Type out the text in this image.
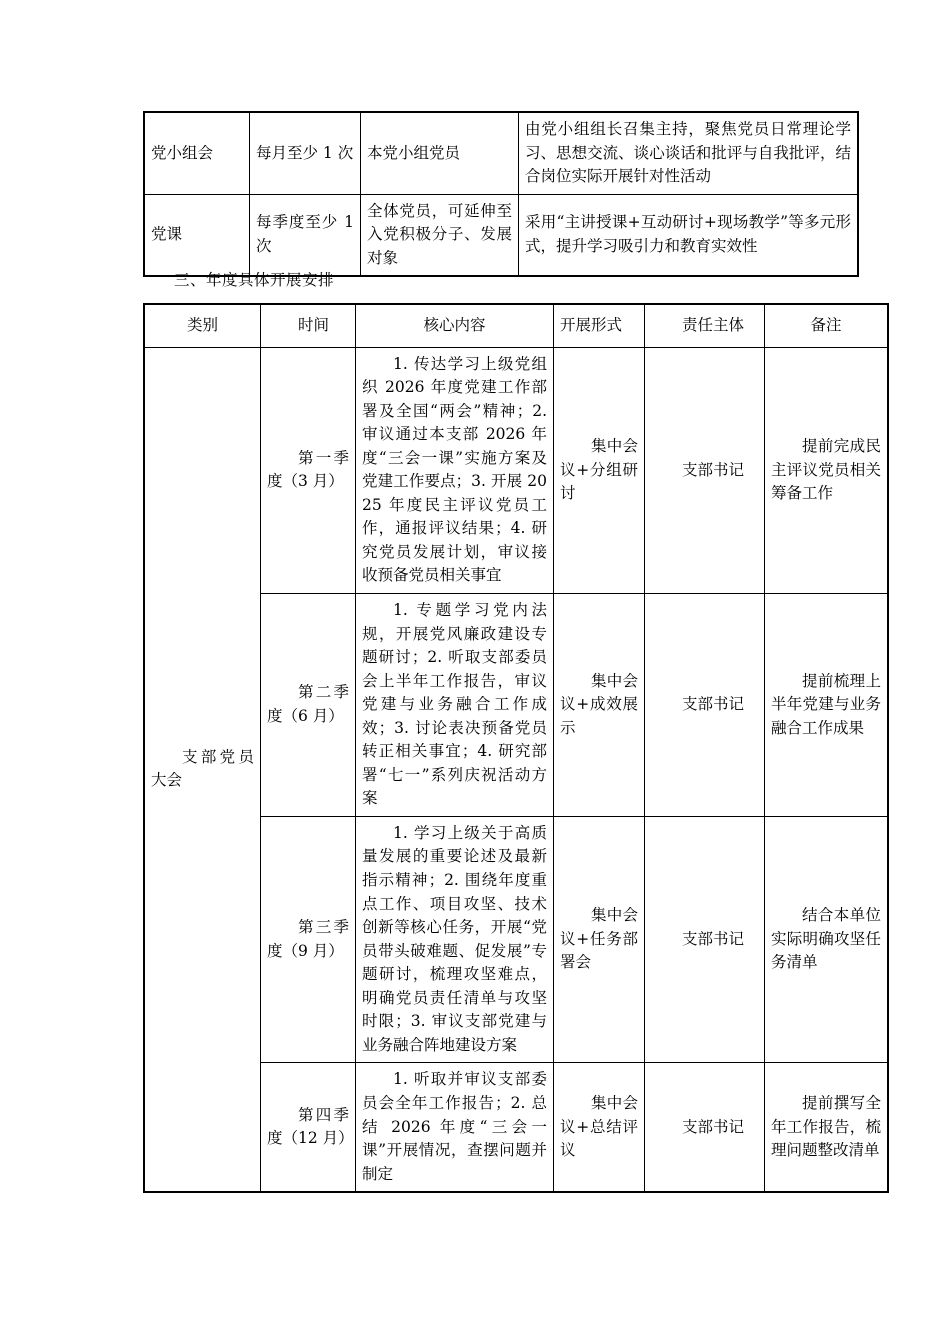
党小组会	每月至少 1 次	本党小组党员	由党小组组长召集主持，聚焦党员日常理论学习、思想交流、谈心谈话和批评与自我批评，结合岗位实际开展针对性活动

党课	每季度至少 1 次	全体党员，可延伸至入党积极分子、发展对象	采用“主讲授课+互动研讨+现场教学”等多元形式，提升学习吸引力和教育实效性

三、年度具体开展安排

类别	时间	核心内容	开展形式	责任主体	备注

支部党员大会	第一季度（3 月）	1. 传达学习上级党组织 2026 年度党建工作部署及全国“两会”精神；2. 审议通过本支部 2026 年度“三会一课”实施方案及党建工作要点；3. 开展 2025 年度民主评议党员工作，通报评议结果；4. 研究党员发展计划，审议接收预备党员相关事宜	集中会议+分组研讨	支部书记	提前完成民主评议党员相关筹备工作

	第二季度（6 月）	1. 专题学习党内法规，开展党风廉政建设专题研讨；2. 听取支部委员会上半年工作报告，审议党建与业务融合工作成效；3. 讨论表决预备党员转正相关事宜；4. 研究部署“七一”系列庆祝活动方案	集中会议+成效展示	支部书记	提前梳理上半年党建与业务融合工作成果

	第三季度（9 月）	1. 学习上级关于高质量发展的重要论述及最新指示精神；2. 围绕年度重点工作、项目攻坚、技术创新等核心任务，开展“党员带头破难题、促发展”专题研讨，梳理攻坚难点，明确党员责任清单与攻坚时限；3. 审议支部党建与业务融合阵地建设方案	集中会议+任务部署会	支部书记	结合本单位实际明确攻坚任务清单

	第四季度（12 月）	1. 听取并审议支部委员会全年工作报告；2. 总结 2026 年度“三会一课”开展情况，查摆问题并制定	集中会议+总结评议	支部书记	提前撰写全年工作报告，梳理问题整改清单
